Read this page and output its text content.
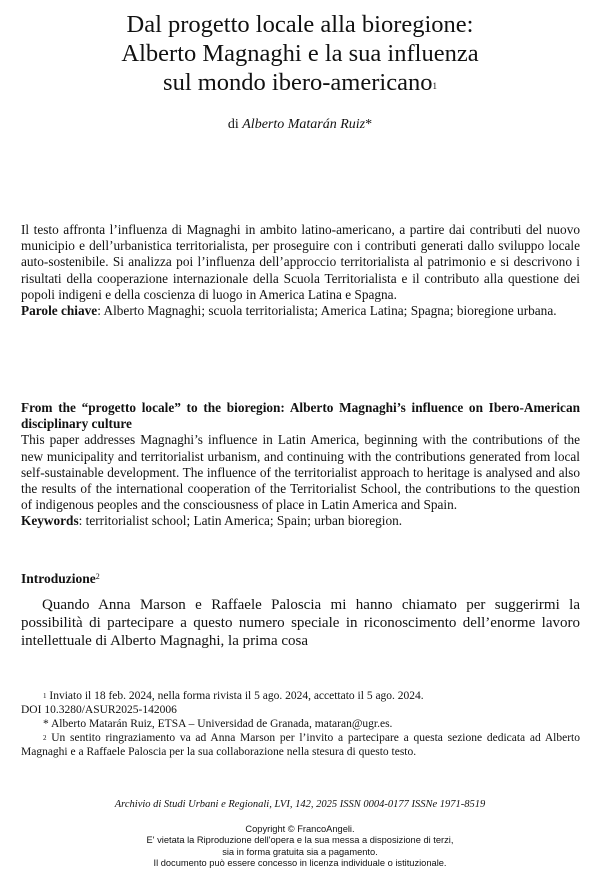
Dal progetto locale alla bioregione:
Alberto Magnaghi e la sua influenza
sul mondo ibero-americano$^1$
di Alberto Matarán Ruiz*

Il testo affronta l’influenza di Magnaghi in ambito latino-americano, a partire dai contributi del nuovo municipio e dell’urbanistica territorialista, per proseguire con i contributi generati dallo sviluppo locale auto-sostenibile. Si analizza poi l’influenza dell’approccio territorialista al patrimonio e si descrivono i risultati della cooperazione internazionale della Scuola Territorialista e il contributo alla questione dei popoli indigeni e della coscienza di luogo in America Latina e Spagna.

Parole chiave: Alberto Magnaghi; scuola territorialista; America Latina; Spagna; bioregione urbana.

From the “progetto locale” to the bioregion: Alberto Magnaghi’s influence on Ibero-American disciplinary culture

This paper addresses Magnaghi’s influence in Latin America, beginning with the contributions of the new municipality and territorialist urbanism, and continuing with the contributions generated from local self-sustainable development. The influence of the territorialist approach to heritage is analysed and also the results of the international cooperation of the Territorialist School, the contributions to the question of indigenous peoples and the consciousness of place in Latin America and Spain.

Keywords: territorialist school; Latin America; Spain; urban bioregion.

Introduzione$^2$

Quando Anna Marson e Raffaele Paloscia mi hanno chiamato per suggerirmi la possibilità di partecipare a questo numero speciale in riconoscimento dell’enorme lavoro intellettuale di Alberto Magnaghi, la prima cosa

$^1$ Inviato il 18 feb. 2024, nella forma rivista il 5 ago. 2024, accettato il 5 ago. 2024.

DOI 10.3280/ASUR2025-142006

* Alberto Matarán Ruiz, ETSA – Universidad de Granada, mataran@ugr.es.

$^2$ Un sentito ringraziamento va ad Anna Marson per l’invito a partecipare a questa sezione dedicata ad Alberto Magnaghi e a Raffaele Paloscia per la sua collaborazione nella stesura di questo testo.

Archivio di Studi Urbani e Regionali, LVI, 142, 2025 ISSN 0004-0177 ISSNe 1971-8519

Copyright © FrancoAngeli.

E' vietata la Riproduzione dell'opera e la sua messa a disposizione di terzi,

sia in forma gratuita sia a pagamento.

Il documento può essere concesso in licenza individuale o istituzionale.
